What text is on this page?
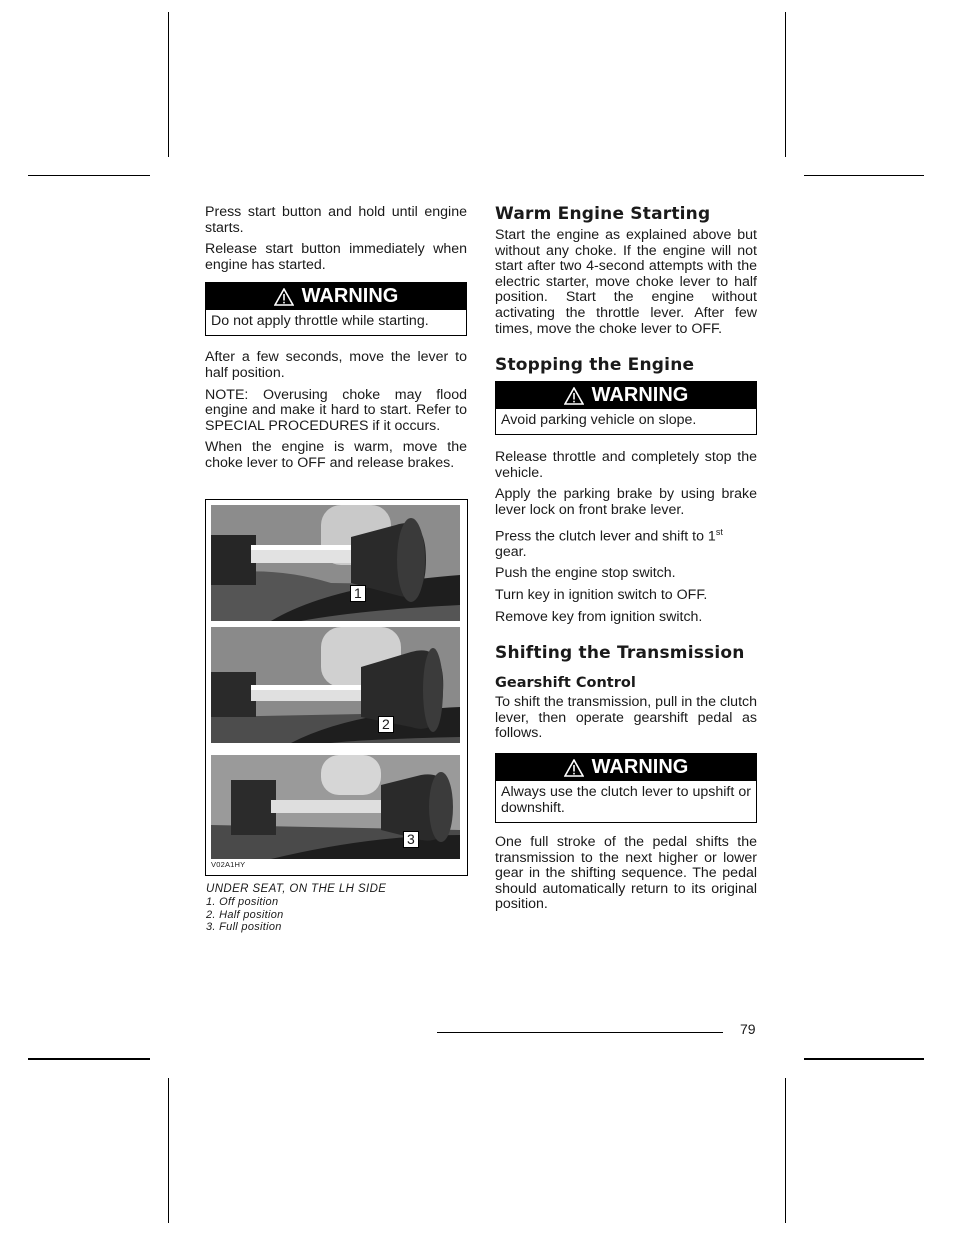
Press start button and hold until engine starts.

Release start button immediately when engine has started.

WARNING
Do not apply throttle while starting.

After a few seconds, move the lever to half position.

NOTE: Overusing choke may flood engine and make it hard to start. Refer to SPECIAL PROCEDURES if it occurs.

When the engine is warm, move the choke lever to OFF and release brakes.

1
2
3
V02A1HY
UNDER SEAT, ON THE LH SIDE
1. Off position
2. Half position
3. Full position
Warm Engine Starting

Start the engine as explained above but without any choke. If the engine will not start after two 4-second attempts with the electric starter, move choke lever to half position. Start the engine without activating the throttle lever. After few times, move the choke lever to OFF.

Stopping the Engine
WARNING
Avoid parking vehicle on slope.

Release throttle and completely stop the vehicle.

Apply the parking brake by using brake lever lock on front brake lever.

Press the clutch lever and shift to 1st
gear.

Push the engine stop switch.

Turn key in ignition switch to OFF.

Remove key from ignition switch.

Shifting the Transmission
Gearshift Control

To shift the transmission, pull in the clutch lever, then operate gearshift pedal as follows.

WARNING
Always use the clutch lever to upshift or downshift.

One full stroke of the pedal shifts the transmission to the next higher or lower gear in the shifting sequence. The pedal should automatically return to its original position.

79
